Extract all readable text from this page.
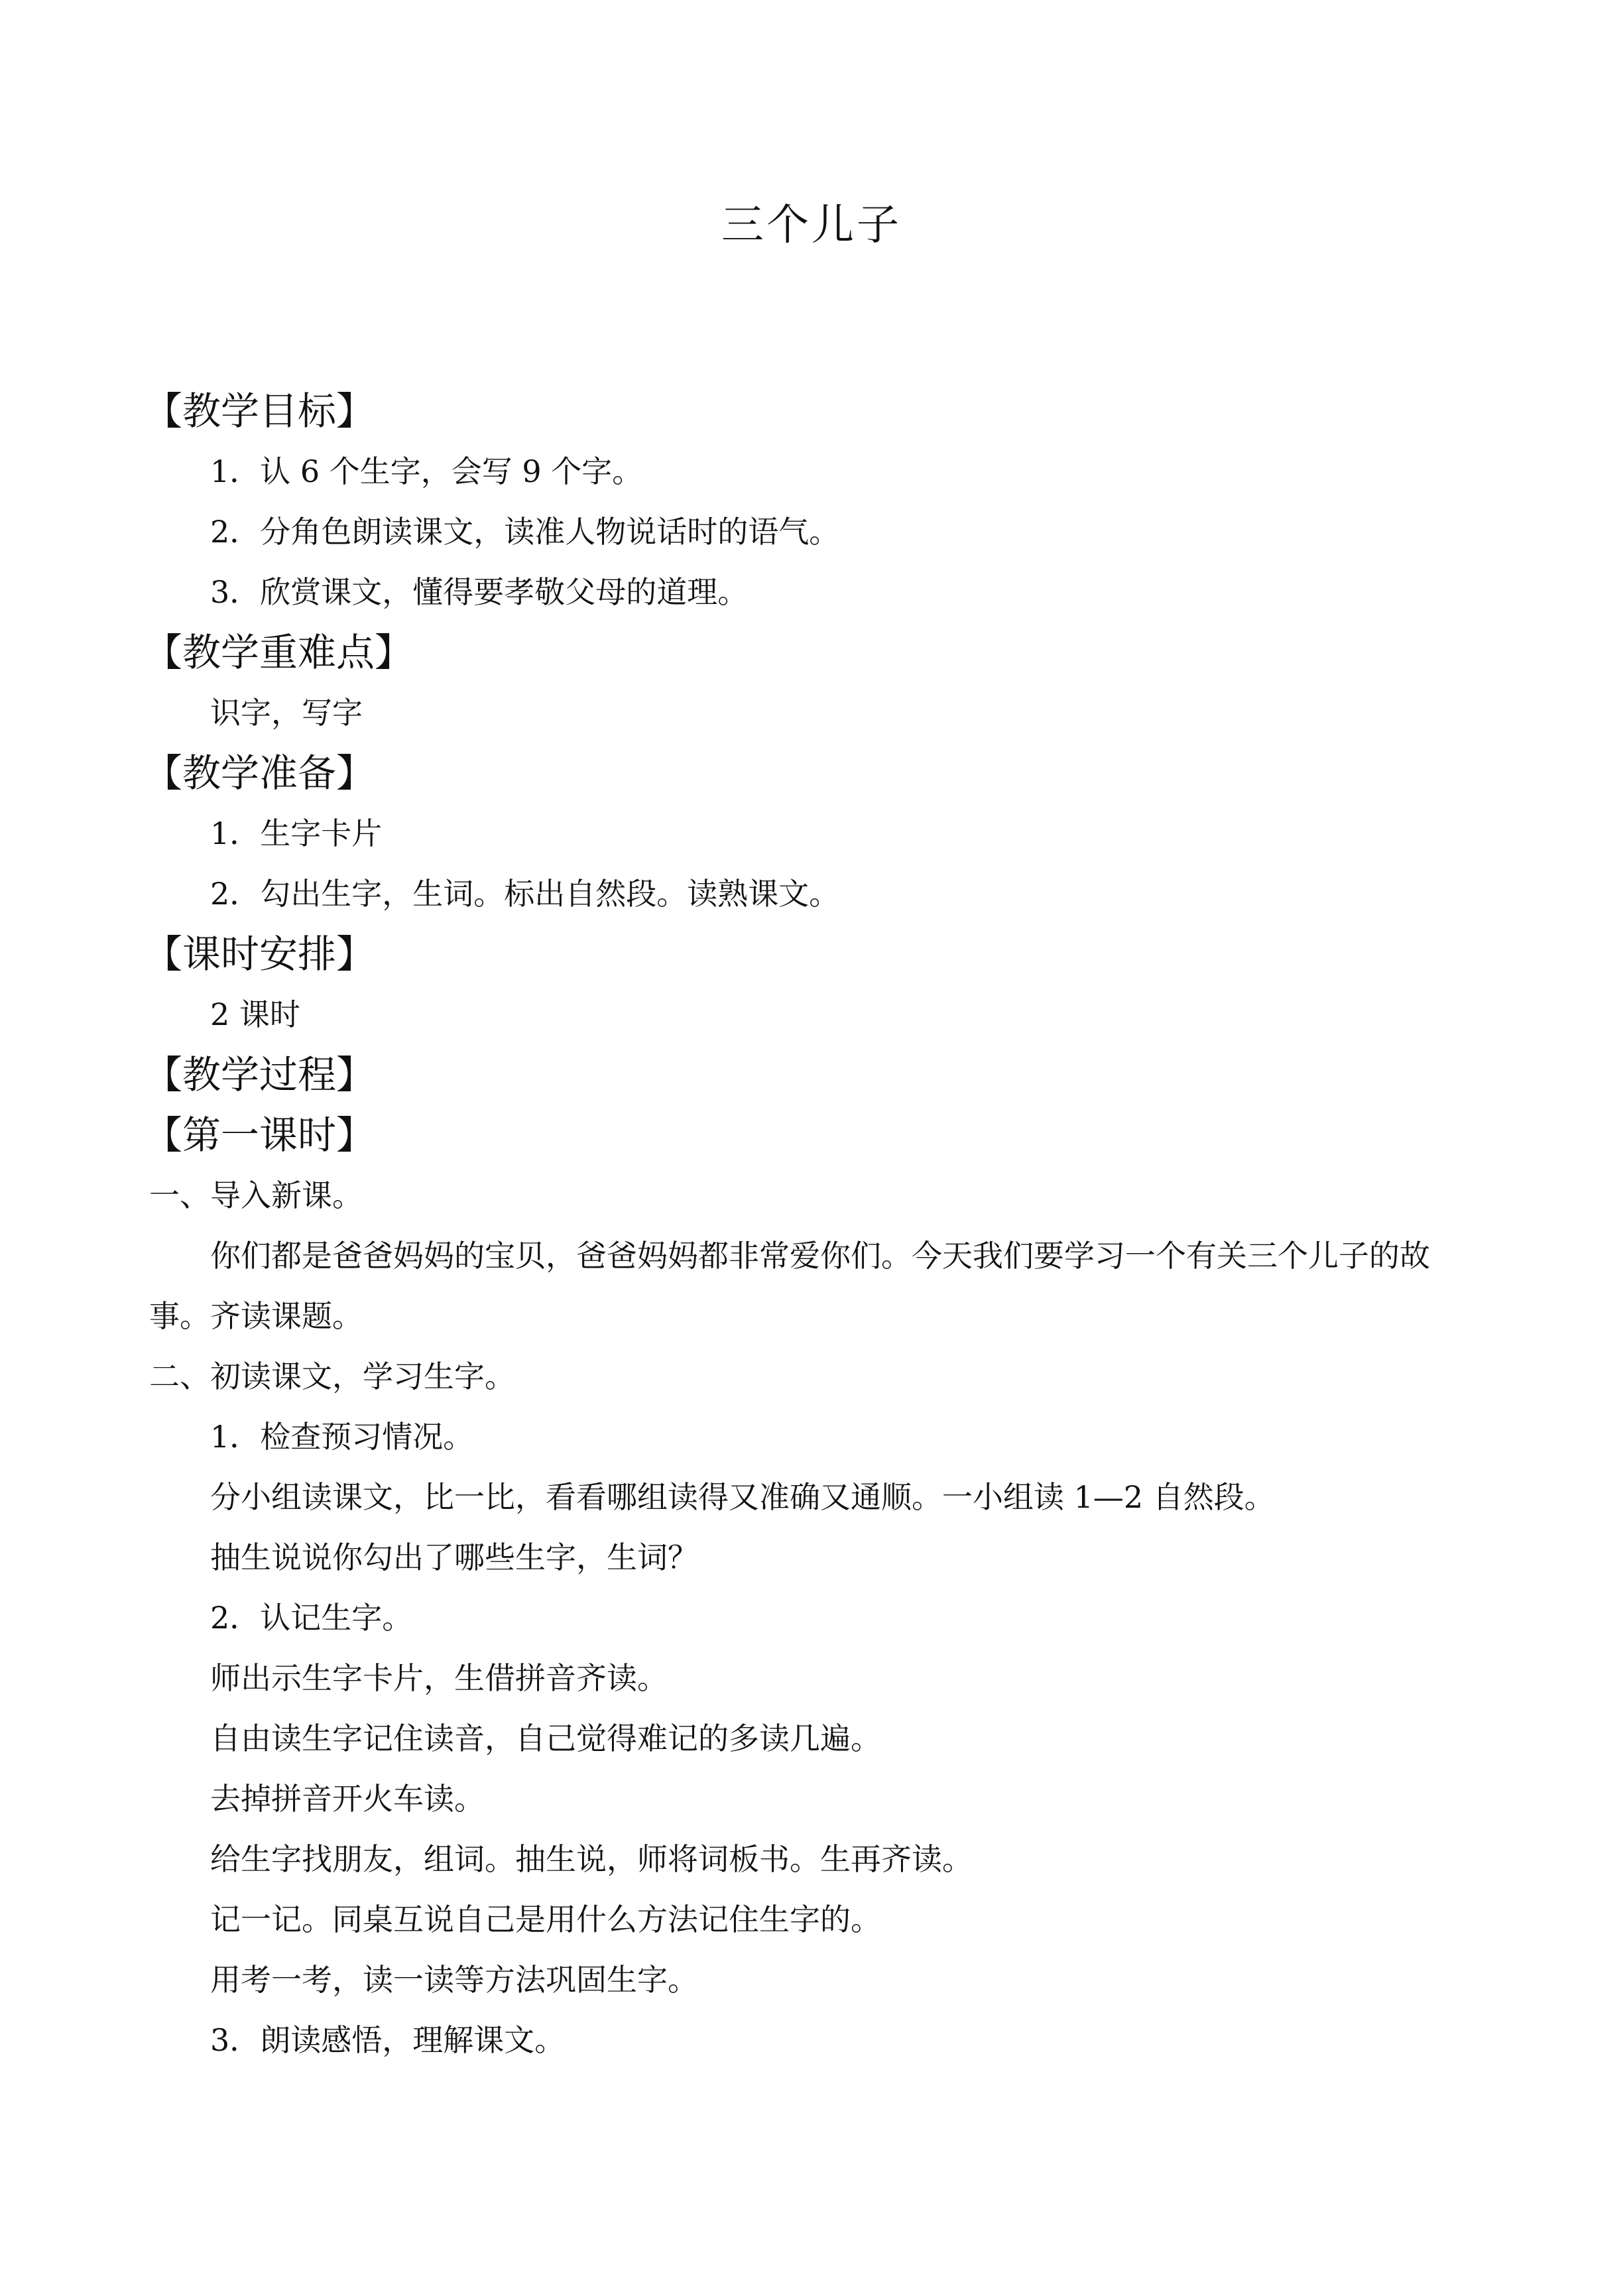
三个儿子
【教学目标】
1．认 6 个生字，会写 9 个字。
2．分角色朗读课文，读准人物说话时的语气。
3．欣赏课文，懂得要孝敬父母的道理。
【教学重难点】
识字，写字
【教学准备】
1．生字卡片
2．勾出生字，生词。标出自然段。读熟课文。
【课时安排】
2 课时
【教学过程】
【第一课时】
一、导入新课。
你们都是爸爸妈妈的宝贝，爸爸妈妈都非常爱你们。今天我们要学习一个有关三个儿子的故事。齐读课题。
二、初读课文，学习生字。
1．检查预习情况。
分小组读课文，比一比，看看哪组读得又准确又通顺。一小组读 1—2 自然段。
抽生说说你勾出了哪些生字，生词？
2．认记生字。
师出示生字卡片，生借拼音齐读。
自由读生字记住读音，自己觉得难记的多读几遍。
去掉拼音开火车读。
给生字找朋友，组词。抽生说，师将词板书。生再齐读。
记一记。同桌互说自己是用什么方法记住生字的。
用考一考，读一读等方法巩固生字。
3．朗读感悟，理解课文。
